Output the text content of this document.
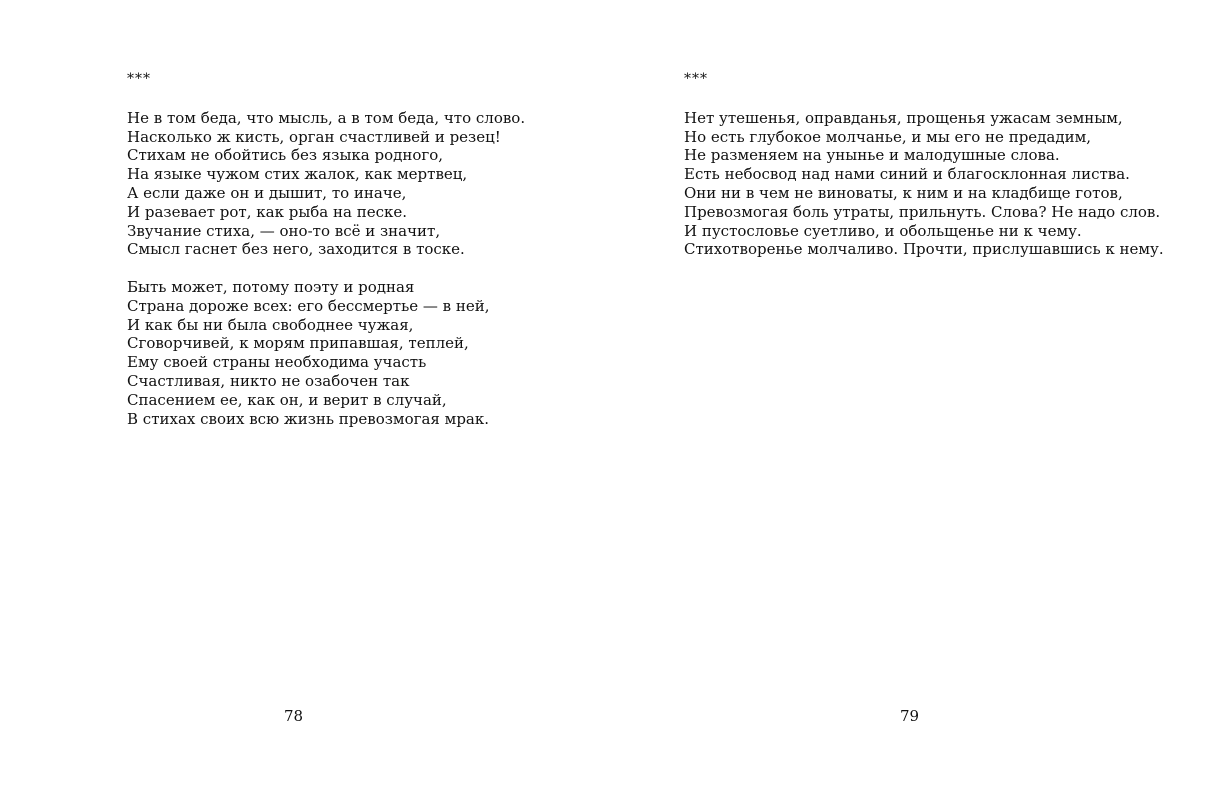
***
Не в том беда, что мысль, а в том беда, что слово.
Насколько ж кисть, орган счастливей и резец!
Стихам не обойтись без языка родного,
На языке чужом стих жалок, как мертвец,
А если даже он и дышит, то иначе,
И разевает рот, как рыба на песке.
Звучание стиха, — оно-то всё и значит,
Смысл гаснет без него, заходится в тоске.
Быть может, потому поэту и родная
Страна дороже всех: его бессмертье — в ней,
И как бы ни была свободнее чужая,
Сговорчивей, к морям припавшая, теплей,
Ему своей страны необходима участь
Счастливая, никто не озабочен так
Спасением ее, как он, и верит в случай,
В стихах своих всю жизнь превозмогая мрак.
78
***
Нет утешенья, оправданья, прощенья ужасам земным,
Но есть глубокое молчанье, и мы его не предадим,
Не разменяем на унынье и малодушные слова.
Есть небосвод над нами синий и благосклонная листва.
Они ни в чем не виноваты, к ним и на кладбище готов,
Превозмогая боль утраты, прильнуть. Слова? Не надо слов.
И пустословье суетливо, и обольщенье ни к чему.
Стихотворенье молчаливо. Прочти, прислушавшись к нему.
79
